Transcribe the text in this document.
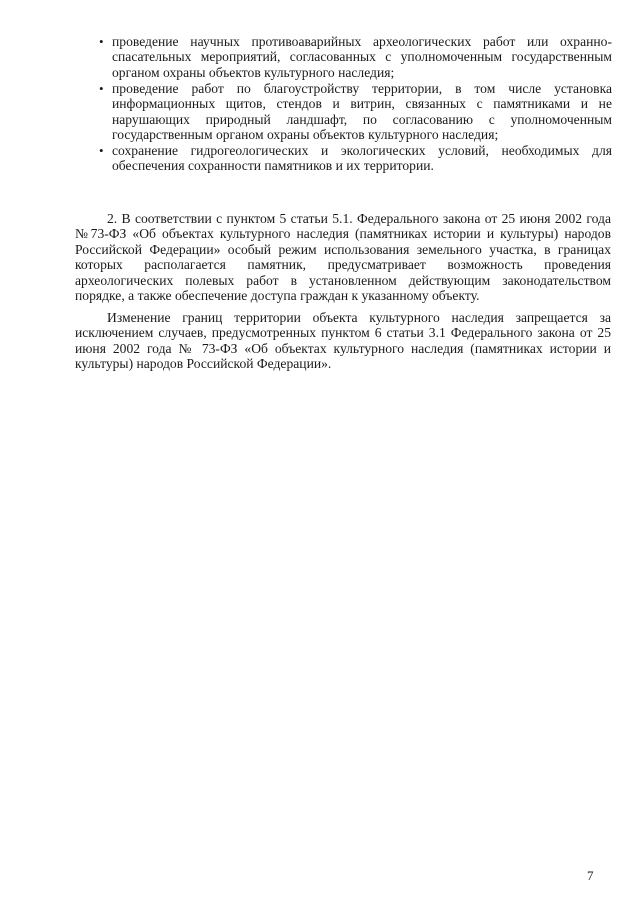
• проведение научных противоаварийных археологических работ или охранно-спасательных мероприятий, согласованных с уполномоченным государственным органом охраны объектов культурного наследия;
• проведение работ по благоустройству территории, в том числе установка информационных щитов, стендов и витрин, связанных с памятниками и не нарушающих природный ландшафт, по согласованию с уполномоченным государственным органом охраны объектов культурного наследия;
• сохранение гидрогеологических и экологических условий, необходимых для обеспечения сохранности памятников и их территории.

2. В соответствии с пунктом 5 статьи 5.1. Федерального закона от 25 июня 2002 года №73-ФЗ «Об объектах культурного наследия (памятниках истории и культуры) народов Российской Федерации» особый режим использования земельного участка, в границах которых располагается памятник, предусматривает возможность проведения археологических полевых работ в установленном действующим законодательством порядке, а также обеспечение доступа граждан к указанному объекту.

Изменение границ территории объекта культурного наследия запрещается за исключением случаев, предусмотренных пунктом 6 статьи 3.1 Федерального закона от 25 июня 2002 года № 73-ФЗ «Об объектах культурного наследия (памятниках истории и культуры) народов Российской Федерации».

7
